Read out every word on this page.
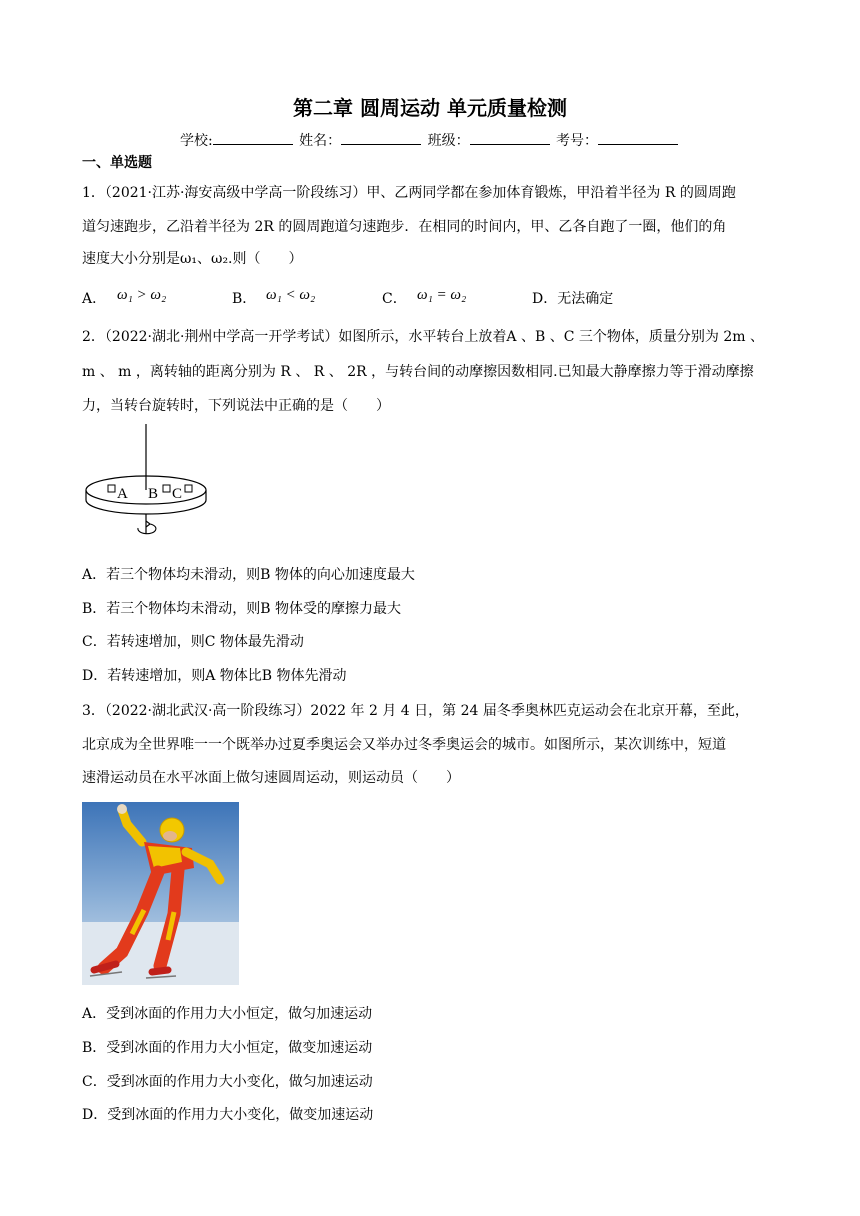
第二章 圆周运动 单元质量检测
学校:	姓名：	班级：	考号：
一、单选题
1．（2021·江苏·海安高级中学高一阶段练习）甲、乙两同学都在参加体育锻炼，甲沿着半径为 R 的圆周跑
道匀速跑步，乙沿着半径为 2R 的圆周跑道匀速跑步．在相同的时间内，甲、乙各自跑了一圈，他们的角
速度大小分别是ω₁、ω₂.则（　　）
A． ω₁ > ω₂	B． ω₁ < ω₂	C． ω₁ = ω₂	D．无法确定
2．（2022·湖北·荆州中学高一开学考试）如图所示，水平转台上放着A 、B 、C 三个物体，质量分别为 2m 、
m 、 m ，离转轴的距离分别为 R 、 R 、 2R ，与转台间的动摩擦因数相同.已知最大静摩擦力等于滑动摩擦
力，当转台旋转时，下列说法中正确的是（　　）
A B C
A．若三个物体均未滑动，则B 物体的向心加速度最大
B．若三个物体均未滑动，则B 物体受的摩擦力最大
C．若转速增加，则C 物体最先滑动
D．若转速增加，则A 物体比B 物体先滑动
3．（2022·湖北武汉·高一阶段练习）2022 年 2 月 4 日，第 24 届冬季奥林匹克运动会在北京开幕，至此，
北京成为全世界唯一一个既举办过夏季奥运会又举办过冬季奥运会的城市。如图所示，某次训练中，短道
速滑运动员在水平冰面上做匀速圆周运动，则运动员（　　）
A．受到冰面的作用力大小恒定，做匀加速运动
B．受到冰面的作用力大小恒定，做变加速运动
C．受到冰面的作用力大小变化，做匀加速运动
D．受到冰面的作用力大小变化，做变加速运动
